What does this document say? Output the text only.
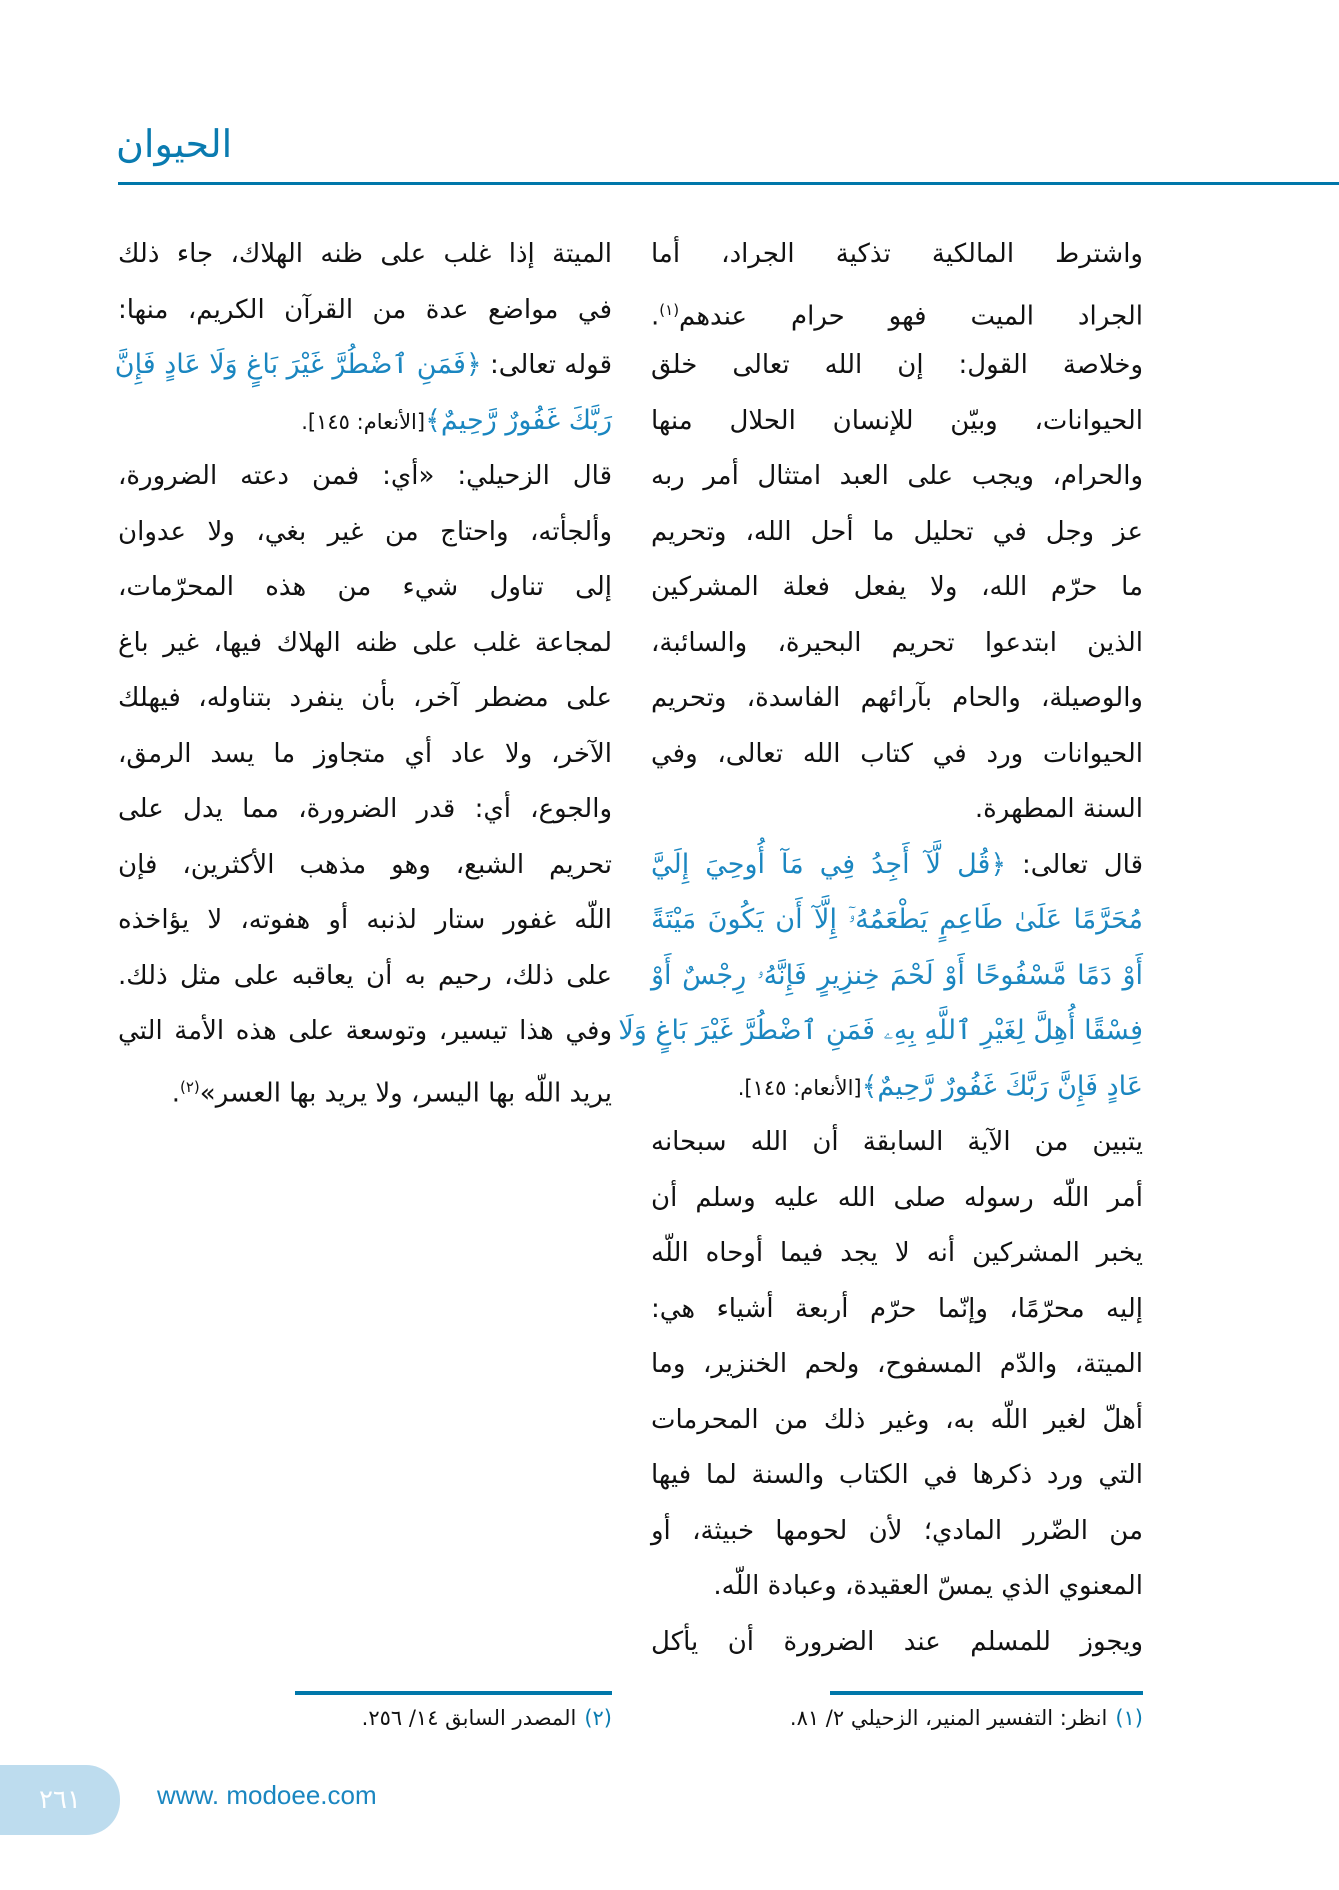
الحيوان
واشترط المالكية تذكية الجراد، أما
الجراد الميت فهو حرام عندهم$^{(١)}$.
وخلاصة القول: إن الله تعالى خلق
الحيوانات، وبيّن للإنسان الحلال منها
والحرام، ويجب على العبد امتثال أمر ربه
عز وجل في تحليل ما أحل الله، وتحريم
ما حرّم الله، ولا يفعل فعلة المشركين
الذين ابتدعوا تحريم البحيرة، والسائبة،
والوصيلة، والحام بآرائهم الفاسدة، وتحريم
الحيوانات ورد في كتاب الله تعالى، وفي
السنة المطهرة.
قال تعالى: ﴿قُل لَّآ أَجِدُ فِي مَآ أُوحِيَ إِلَيَّ
مُحَرَّمًا عَلَىٰ طَاعِمٍ يَطْعَمُهُۥٓ إِلَّآ أَن يَكُونَ مَيْتَةً
أَوْ دَمًا مَّسْفُوحًا أَوْ لَحْمَ خِنزِيرٍ فَإِنَّهُۥ رِجْسٌ أَوْ
فِسْقًا أُهِلَّ لِغَيْرِ ٱللَّهِ بِهِۦ فَمَنِ ٱضْطُرَّ غَيْرَ بَاغٍ وَلَا
عَادٍ فَإِنَّ رَبَّكَ غَفُورٌ رَّحِيمٌ﴾[الأنعام: ١٤٥].
يتبين من الآية السابقة أن الله سبحانه
أمر اللّه رسوله صلى الله عليه وسلم أن
يخبر المشركين أنه لا يجد فيما أوحاه اللّه
إليه محرّمًا، وإنّما حرّم أربعة أشياء هي:
الميتة، والدّم المسفوح، ولحم الخنزير، وما
أهلّ لغير اللّه به، وغير ذلك من المحرمات
التي ورد ذكرها في الكتاب والسنة لما فيها
من الضّرر المادي؛ لأن لحومها خبيثة، أو
المعنوي الذي يمسّ العقيدة، وعبادة اللّه.
ويجوز للمسلم عند الضرورة أن يأكل
الميتة إذا غلب على ظنه الهلاك، جاء ذلك
في مواضع عدة من القرآن الكريم، منها:
قوله تعالى: ﴿فَمَنِ ٱضْطُرَّ غَيْرَ بَاغٍ وَلَا عَادٍ فَإِنَّ
رَبَّكَ غَفُورٌ رَّحِيمٌ﴾[الأنعام: ١٤٥].
قال الزحيلي: «أي: فمن دعته الضرورة،
وألجأته، واحتاج من غير بغي، ولا عدوان
إلى تناول شيء من هذه المحرّمات،
لمجاعة غلب على ظنه الهلاك فيها، غير باغ
على مضطر آخر، بأن ينفرد بتناوله، فيهلك
الآخر، ولا عاد أي متجاوز ما يسد الرمق،
والجوع، أي: قدر الضرورة، مما يدل على
تحريم الشبع، وهو مذهب الأكثرين، فإن
اللّه غفور ستار لذنبه أو هفوته، لا يؤاخذه
على ذلك، رحيم به أن يعاقبه على مثل ذلك.
وفي هذا تيسير، وتوسعة على هذه الأمة التي
يريد اللّه بها اليسر، ولا يريد بها العسر»$^{(٢)}$.
(١)انظر: التفسير المنير، الزحيلي ٢/ ٨١.
(٢)المصدر السابق ١٤/ ٢٥٦.
٢٦١	www. modoee.com
